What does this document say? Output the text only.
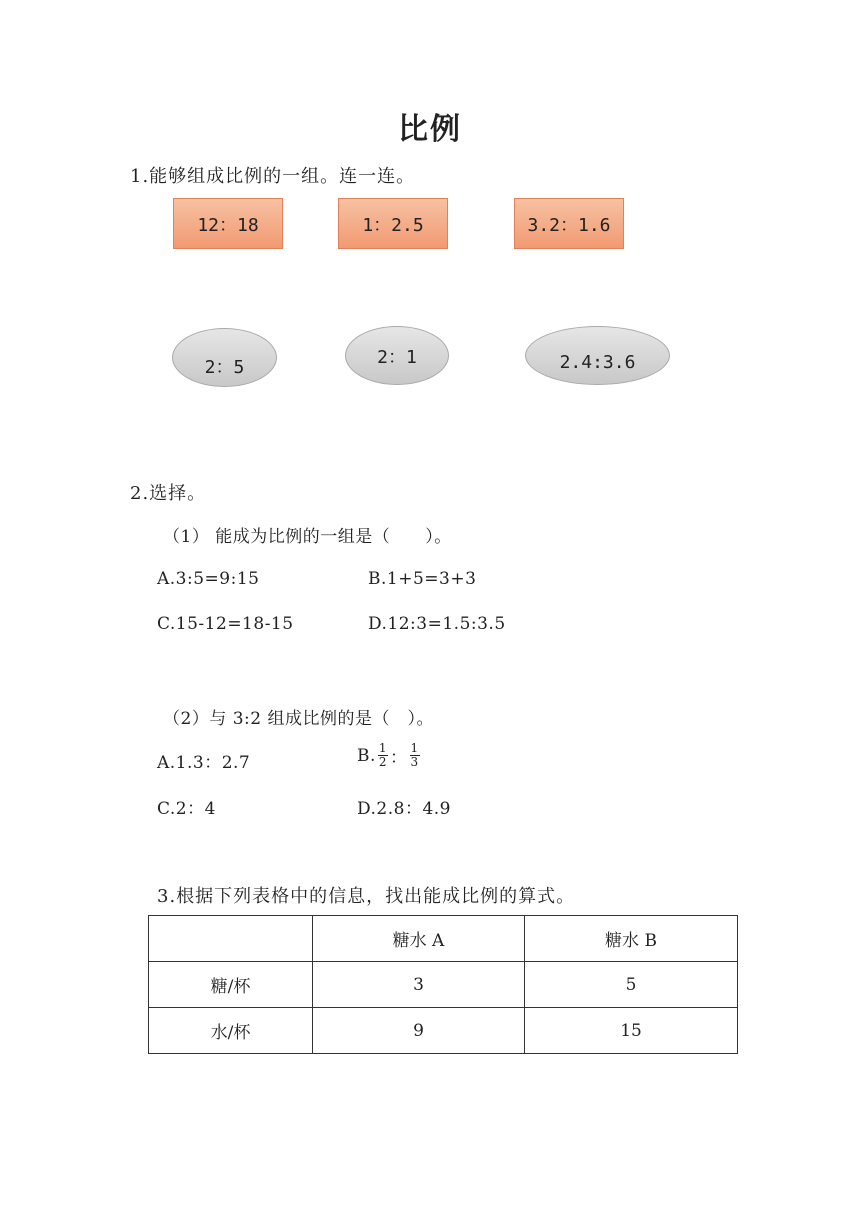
比例
1.能够组成比例的一组。连一连。
12：18	1：2.5	3.2：1.6
2：5	2：1	2.4:3.6
2.选择。
（1） 能成为比例的一组是（　　）。
A.3:5=9:15	B.1+5=3+3
C.15-12=18-15	D.12:3=1.5:3.5
（2）与 3:2 组成比例的是（　）。
A.1.3：2.7	B. $\frac{1}{2}$ ： $\frac{1}{3}$
C.2：4	D.2.8：4.9
3.根据下列表格中的信息，找出能成比例的算式。
	糖水 A	糖水 B
糖/杯	3	5
水/杯	9	15
